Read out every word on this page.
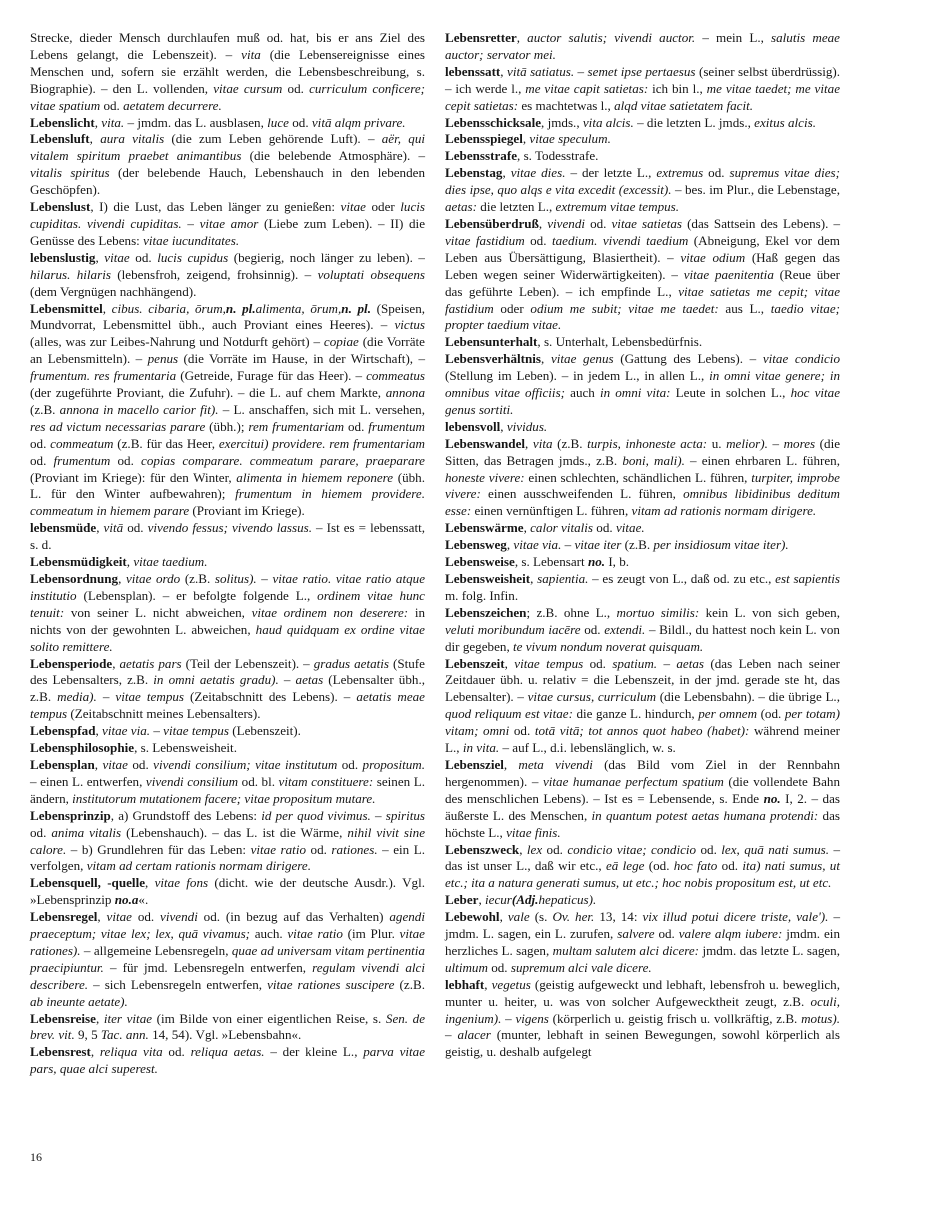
Strecke, dieder Mensch durchlaufen muß od. hat, bis er ans Ziel des Lebens gelangt, die Lebenszeit). – vita (die Lebensereignisse eines Menschen und, sofern sie erzählt werden, die Lebensbeschreibung, s. Biographie). – den L. vollenden, vitae cursum od. curriculum conficere; vitae spatium od. aetatem decurrere.

Lebenslicht, vita. – jmdm. das L. ausblasen, luce od. vitā alqm privare.

Lebensluft, aura vitalis (die zum Leben gehörende Luft). – aër, qui vitalem spiritum praebet animantibus (die belebende Atmosphäre). – vitalis spiritus (der belebende Hauch, Lebenshauch in den lebenden Geschöpfen).

Lebenslust, I) die Lust, das Leben länger zu genießen: vitae oder lucis cupiditas. vivendi cupiditas. – vitae amor (Liebe zum Leben). – II) die Genüsse des Lebens: vitae iucunditates.

lebenslustig, vitae od. lucis cupidus (begierig, noch länger zu leben). – hilarus. hilaris (lebensfroh, zeigend, frohsinnig). – voluptati obsequens (dem Vergnügen nachhängend).

Lebensmittel, cibus. cibaria, ōrum,n. pl.alimenta, ōrum,n. pl. (Speisen, Mundvorrat, Lebensmittel übh., auch Proviant eines Heeres). – victus (alles, was zur Leibes-Nahrung und Notdurft gehört) – copiae (die Vorräte an Lebensmitteln). – penus (die Vorräte im Hause, in der Wirtschaft), – frumentum. res frumentaria (Getreide, Furage für das Heer). – commeatus (der zugeführte Proviant, die Zufuhr). – die L. auf chem Markte, annona (z.B. annona in macello carior fit). – L. anschaffen, sich mit L. versehen, res ad victum necessarias parare (übh.); rem frumentariam od. frumentum od. commeatum (z.B. für das Heer, exercitui) providere. rem frumentariam od. frumentum od. copias comparare. commeatum parare, praeparare (Proviant im Kriege): für den Winter, alimenta in hiemem reponere (übh. L. für den Winter aufbewahren); frumentum in hiemem providere. commeatum in hiemem parare (Proviant im Kriege).

lebensmüde, vitā od. vivendo fessus; vivendo lassus. – Ist es = lebenssatt, s. d.

Lebensmüdigkeit, vitae taedium.

Lebensordnung, vitae ordo (z.B. solitus). – vitae ratio. vitae ratio atque institutio (Lebensplan). – er befolgte folgende L., ordinem vitae hunc tenuit: von seiner L. nicht abweichen, vitae ordinem non deserere: in nichts von der gewohnten L. abweichen, haud quidquam ex ordine vitae solito remittere.

Lebensperiode, aetatis pars (Teil der Lebenszeit). – gradus aetatis (Stufe des Lebensalters, z.B. in omni aetatis gradu). – aetas (Lebensalter übh., z.B. media). – vitae tempus (Zeitabschnitt des Lebens). – aetatis meae tempus (Zeitabschnitt meines Lebensalters).

Lebenspfad, vitae via. – vitae tempus (Lebenszeit).

Lebensphilosophie, s. Lebensweisheit.

Lebensplan, vitae od. vivendi consilium; vitae institutum od. propositum. – einen L. entwerfen, vivendi consilium od. bl. vitam constituere: seinen L. ändern, institutorum mutationem facere; vitae propositum mutare.

Lebensprinzip, a) Grundstoff des Lebens: id per quod vivimus. – spiritus od. anima vitalis (Lebenshauch). – das L. ist die Wärme, nihil vivit sine calore. – b) Grundlehren für das Leben: vitae ratio od. rationes. – ein L. verfolgen, vitam ad certam rationis normam dirigere.

Lebensquell, -quelle, vitae fons (dicht. wie der deutsche Ausdr.). Vgl. »Lebensprinzip no.a«.

Lebensregel, vitae od. vivendi od. (in bezug auf das Verhalten) agendi praeceptum; vitae lex; lex, quā vivamus; auch. vitae ratio (im Plur. vitae rationes). – allgemeine Lebensregeln, quae ad universam vitam pertinentia praecipiuntur. – für jmd. Lebensregeln entwerfen, regulam vivendi alci describere. – sich Lebensregeln entwerfen, vitae rationes suscipere (z.B. ab ineunte aetate).

Lebensreise, iter vitae (im Bilde von einer eigentlichen Reise, s. Sen. de brev. vit. 9, 5 Tac. ann. 14, 54). Vgl. »Lebensbahn«.

Lebensrest, reliqua vita od. reliqua aetas. – der kleine L., parva vitae pars, quae alci superest.

Lebensretter, auctor salutis; vivendi auctor. – mein L., salutis meae auctor; servator mei.

lebenssatt, vitā satiatus. – semet ipse pertaesus (seiner selbst überdrüssig). – ich werde l., me vitae capit satietas: ich bin l., me vitae taedet; me vitae cepit satietas: es machtetwas l., alqd vitae satietatem facit.

Lebensschicksale, jmds., vita alcis. – die letzten L. jmds., exitus alcis.

Lebensspiegel, vitae speculum.

Lebensstrafe, s. Todesstrafe.

Lebenstag, vitae dies. – der letzte L., extremus od. supremus vitae dies; dies ipse, quo alqs e vita excedit (excessit). – bes. im Plur., die Lebenstage, aetas: die letzten L., extremum vitae tempus.

Lebensüberdruß, vivendi od. vitae satietas (das Sattsein des Lebens). – vitae fastidium od. taedium. vivendi taedium (Abneigung, Ekel vor dem Leben aus Übersättigung, Blasiertheit). – vitae odium (Haß gegen das Leben wegen seiner Widerwärtigkeiten). – vitae paenitentia (Reue über das geführte Leben). – ich empfinde L., vitae satietas me cepit; vitae fastidium oder odium me subit; vitae me taedet: aus L., taedio vitae; propter taedium vitae.

Lebensunterhalt, s. Unterhalt, Lebensbedürfnis.

Lebensverhältnis, vitae genus (Gattung des Lebens). – vitae condicio (Stellung im Leben). – in jedem L., in allen L., in omni vitae genere; in omnibus vitae officiis; auch in omni vita: Leute in solchen L., hoc vitae genus sortiti.

lebensvoll, vividus.

Lebenswandel, vita (z.B. turpis, inhoneste acta: u. melior). – mores (die Sitten, das Betragen jmds., z.B. boni, mali). – einen ehrbaren L. führen, honeste vivere: einen schlechten, schändlichen L. führen, turpiter, improbe vivere: einen ausschweifenden L. führen, omnibus libidinibus deditum esse: einen vernünftigen L. führen, vitam ad rationis normam dirigere.

Lebenswärme, calor vitalis od. vitae.

Lebensweg, vitae via. – vitae iter (z.B. per insidiosum vitae iter).

Lebensweise, s. Lebensart no. I, b.

Lebensweisheit, sapientia. – es zeugt von L., daß od. zu etc., est sapientis m. folg. Infin.

Lebenszeichen; z.B. ohne L., mortuo similis: kein L. von sich geben, veluti moribundum iacēre od. extendi. – Bildl., du hattest noch kein L. von dir gegeben, te vivum nondum noverat quisquam.

Lebenszeit, vitae tempus od. spatium. – aetas (das Leben nach seiner Zeitdauer übh. u. relativ = die Lebenszeit, in der jmd. gerade ste ht, das Lebensalter). – vitae cursus, curriculum (die Lebensbahn). – die übrige L., quod reliquum est vitae: die ganze L. hindurch, per omnem (od. per totam) vitam; omni od. totā vitā; tot annos quot habeo (habet): während meiner L., in vita. – auf L., d.i. lebenslänglich, w. s.

Lebensziel, meta vivendi (das Bild vom Ziel in der Rennbahn hergenommen). – vitae humanae perfectum spatium (die vollendete Bahn des menschlichen Lebens). – Ist es = Lebensende, s. Ende no. I, 2. – das äußerste L. des Menschen, in quantum potest aetas humana protendi: das höchste L., vitae finis.

Lebenszweck, lex od. condicio vitae; condicio od. lex, quā nati sumus. – das ist unser L., daß wir etc., eā lege (od. hoc fato od. ita) nati sumus, ut etc.; ita a natura generati sumus, ut etc.; hoc nobis propositum est, ut etc.

Leber, iecur(Adj.hepaticus).

Lebewohl, vale (s. Ov. her. 13, 14: vix illud potui dicere triste, vale'). – jmdm. L. sagen, ein L. zurufen, salvere od. valere alqm iubere: jmdm. ein herzliches L. sagen, multam salutem alci dicere: jmdm. das letzte L. sagen, ultimum od. supremum alci vale dicere.

lebhaft, vegetus (geistig aufgeweckt und lebhaft, lebensfroh u. beweglich, munter u. heiter, u. was von solcher Aufgewecktheit zeugt, z.B. oculi, ingenium). – vigens (körperlich u. geistig frisch u. vollkräftig, z.B. motus). – alacer (munter, lebhaft in seinen Bewegungen, sowohl körperlich als geistig, u. deshalb aufgelegt

16
